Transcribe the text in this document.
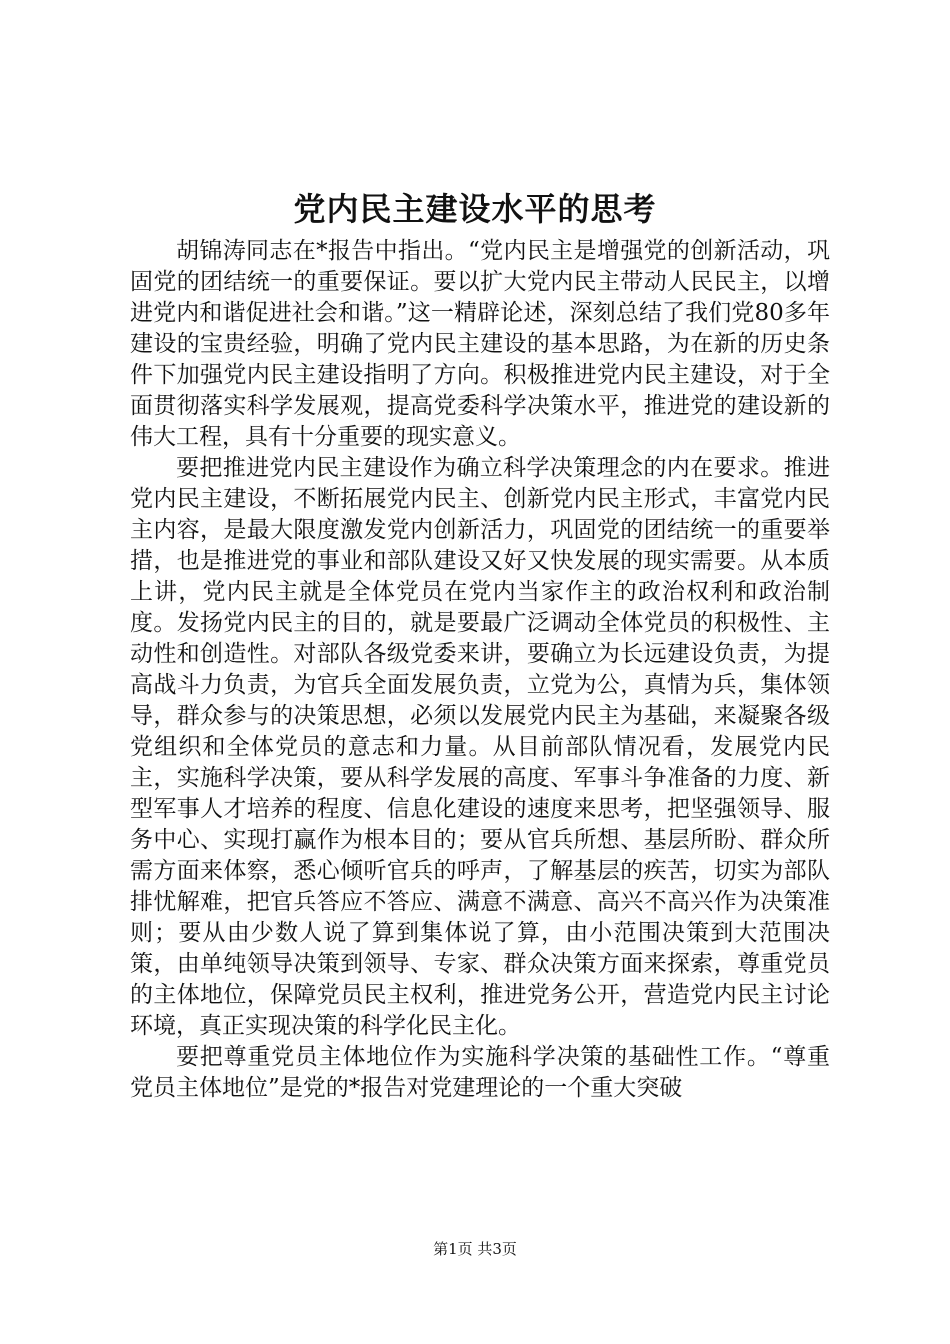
党内民主建设水平的思考

胡锦涛同志在*报告中指出。“党内民主是增强党的创新活动，巩固党的团结统一的重要保证。要以扩大党内民主带动人民民主，以增进党内和谐促进社会和谐。”这一精辟论述，深刻总结了我们党80多年建设的宝贵经验，明确了党内民主建设的基本思路，为在新的历史条件下加强党内民主建设指明了方向。积极推进党内民主建设，对于全面贯彻落实科学发展观，提高党委科学决策水平，推进党的建设新的伟大工程，具有十分重要的现实意义。

要把推进党内民主建设作为确立科学决策理念的内在要求。推进党内民主建设，不断拓展党内民主、创新党内民主形式，丰富党内民主内容，是最大限度激发党内创新活力，巩固党的团结统一的重要举措，也是推进党的事业和部队建设又好又快发展的现实需要。从本质上讲，党内民主就是全体党员在党内当家作主的政治权利和政治制度。发扬党内民主的目的，就是要最广泛调动全体党员的积极性、主动性和创造性。对部队各级党委来讲，要确立为长远建设负责，为提高战斗力负责，为官兵全面发展负责，立党为公，真情为兵，集体领导，群众参与的决策思想，必须以发展党内民主为基础，来凝聚各级党组织和全体党员的意志和力量。从目前部队情况看，发展党内民主，实施科学决策，要从科学发展的高度、军事斗争准备的力度、新型军事人才培养的程度、信息化建设的速度来思考，把坚强领导、服务中心、实现打赢作为根本目的；要从官兵所想、基层所盼、群众所需方面来体察，悉心倾听官兵的呼声，了解基层的疾苦，切实为部队排忧解难，把官兵答应不答应、满意不满意、高兴不高兴作为决策准则；要从由少数人说了算到集体说了算，由小范围决策到大范围决策，由单纯领导决策到领导、专家、群众决策方面来探索，尊重党员的主体地位，保障党员民主权利，推进党务公开，营造党内民主讨论环境，真正实现决策的科学化民主化。

要把尊重党员主体地位作为实施科学决策的基础性工作。“尊重党员主体地位”是党的*报告对党建理论的一个重大突破

第1页 共3页
